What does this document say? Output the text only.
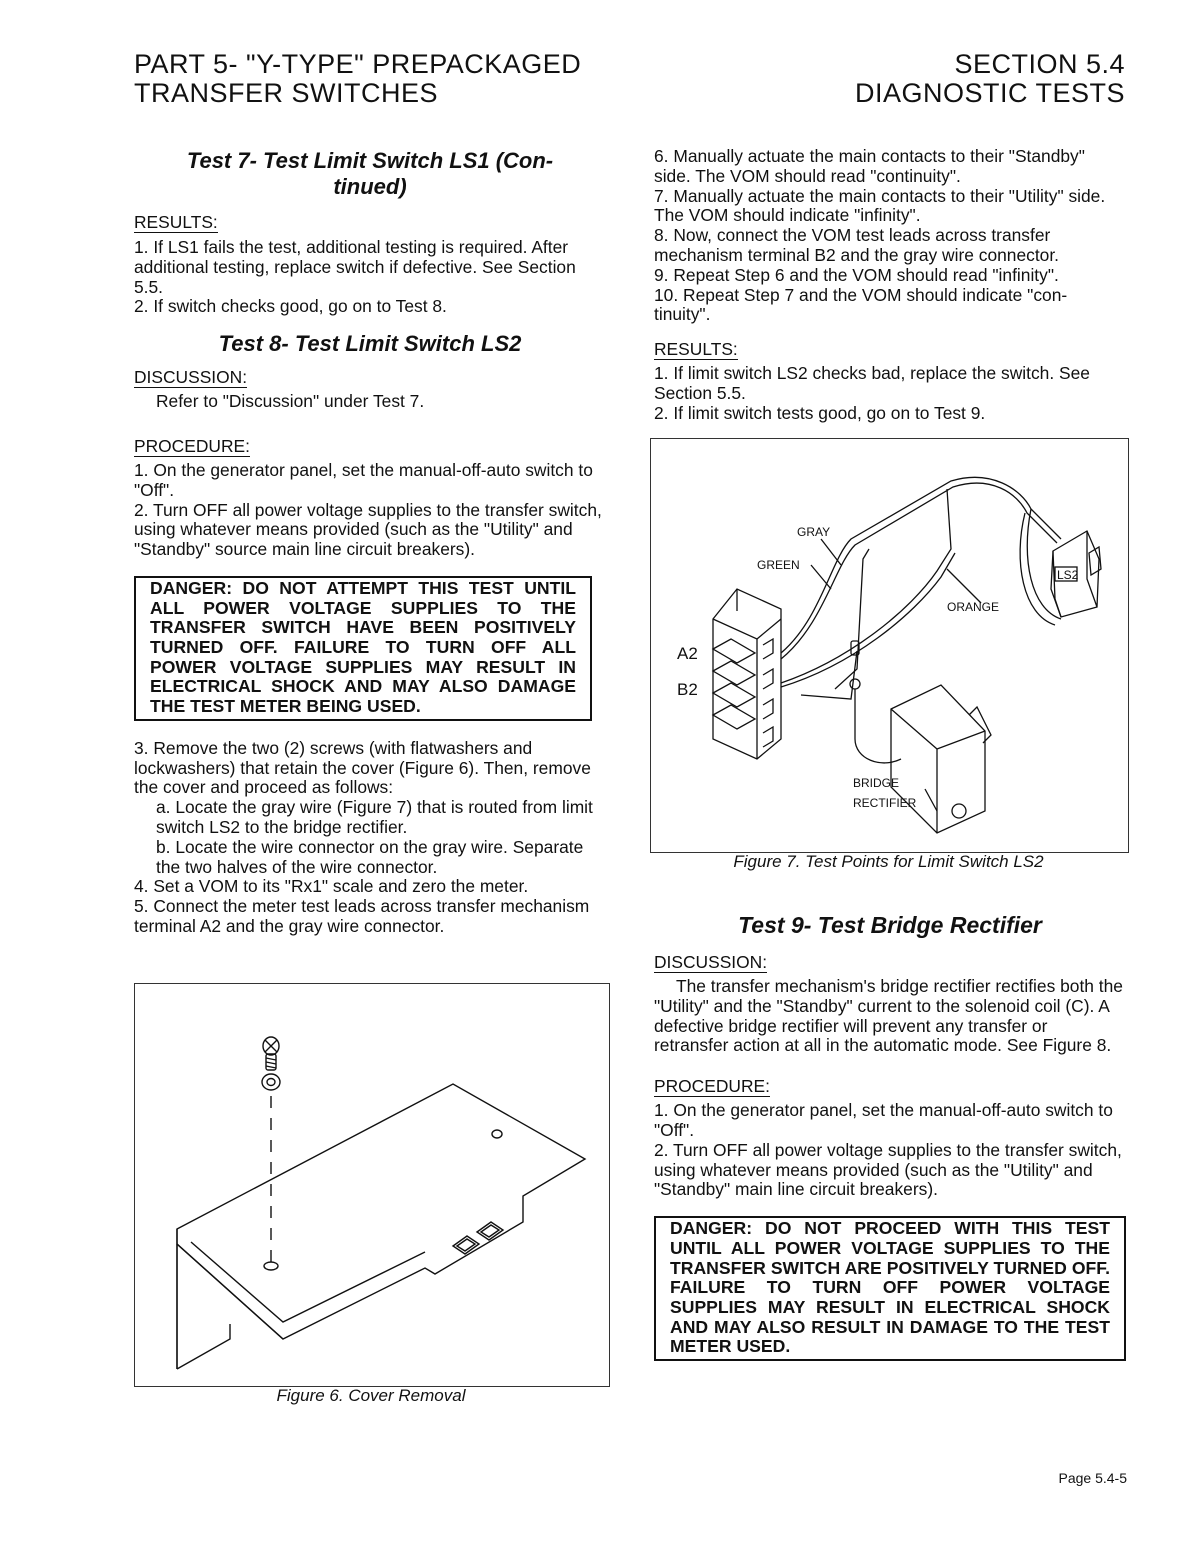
PART 5- "Y-TYPE" PREPACKAGED
TRANSFER SWITCHES
SECTION 5.4
DIAGNOSTIC TESTS

Test 7- Test Limit Switch LS1 (Con- tinued)

RESULTS:

1. If LS1 fails the test, additional testing is required. After additional testing, replace switch if defective. See Section 5.5.

2. If switch checks good, go on to Test 8.

Test 8- Test Limit Switch LS2

DISCUSSION:

Refer to "Discussion" under Test 7.

PROCEDURE:

1. On the generator panel, set the manual-off-auto switch to "Off".

2. Turn OFF all power voltage supplies to the transfer switch, using whatever means provided (such as the "Utility" and "Standby" source main line circuit breakers).

DANGER: DO NOT ATTEMPT THIS TEST UNTIL ALL POWER VOLTAGE SUPPLIES TO THE TRANSFER SWITCH HAVE BEEN POSITIVELY TURNED OFF. FAILURE TO TURN OFF ALL POWER VOLTAGE SUPPLIES MAY RESULT IN ELECTRICAL SHOCK AND MAY ALSO DAMAGE THE TEST METER BEING USED.

3. Remove the two (2) screws (with flatwashers and lockwashers) that retain the cover (Figure 6). Then, remove the cover and proceed as follows:

a. Locate the gray wire (Figure 7) that is routed from limit switch LS2 to the bridge rectifier.

b. Locate the wire connector on the gray wire. Separate the two halves of the wire connector.

4. Set a VOM to its "Rx1" scale and zero the meter.

5. Connect the meter test leads across transfer mechanism terminal A2 and the gray wire connector.

Figure 6. Cover Removal

6. Manually actuate the main contacts to their "Standby" side. The VOM should read "continuity".

7. Manually actuate the main contacts to their "Utility" side. The VOM should indicate "infinity".

8. Now, connect the VOM test leads across transfer mechanism terminal B2 and the gray wire connector.

9. Repeat Step 6 and the VOM should read "infinity".

10. Repeat Step 7 and the VOM should indicate "con- tinuity".

RESULTS:

1. If limit switch LS2 checks bad, replace the switch. See Section 5.5.

2. If limit switch tests good, go on to Test 9.

GRAY
GREEN
ORANGE
LS2
A2
B2
BRIDGE
RECTIFIER
Figure 7. Test Points for Limit Switch LS2

Test 9- Test Bridge Rectifier

DISCUSSION:

The transfer mechanism's bridge rectifier rectifies both the "Utility" and the "Standby" current to the solenoid coil (C). A defective bridge rectifier will prevent any transfer or retransfer action at all in the automatic mode. See Figure 8.

PROCEDURE:

1. On the generator panel, set the manual-off-auto switch to "Off".

2. Turn OFF all power voltage supplies to the transfer switch, using whatever means provided (such as the "Utility" and "Standby" main line circuit breakers).

DANGER: DO NOT PROCEED WITH THIS TEST UNTIL ALL POWER VOLTAGE SUPPLIES TO THE TRANSFER SWITCH ARE POSITIVELY TURNED OFF. FAILURE TO TURN OFF POWER VOLTAGE SUPPLIES MAY RESULT IN ELECTRICAL SHOCK AND MAY ALSO RESULT IN DAMAGE TO THE TEST METER USED.
Page 5.4-5
